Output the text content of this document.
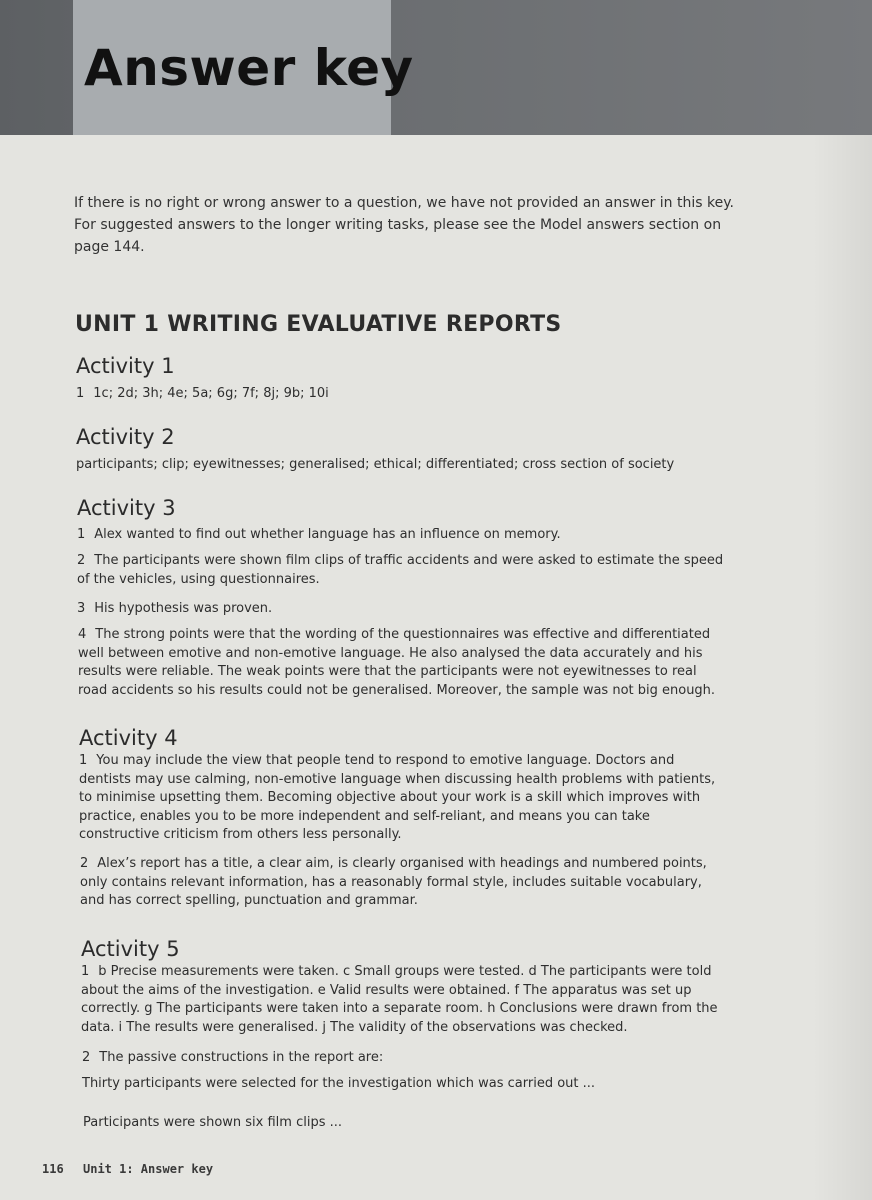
Answer key

If there is no right or wrong answer to a question, we have not provided an answer in this key. For suggested answers to the longer writing tasks, please see the Model answers section on page 144.

UNIT 1 WRITING EVALUATIVE REPORTS
Activity 1

1 1c; 2d; 3h; 4e; 5a; 6g; 7f; 8j; 9b; 10i

Activity 2

participants; clip; eyewitnesses; generalised; ethical; differentiated; cross section of society

Activity 3

1 Alex wanted to find out whether language has an influence on memory.

2 The participants were shown film clips of traffic accidents and were asked to estimate the speed of the vehicles, using questionnaires.

3 His hypothesis was proven.

4 The strong points were that the wording of the questionnaires was effective and differentiated well between emotive and non-emotive language. He also analysed the data accurately and his results were reliable. The weak points were that the participants were not eyewitnesses to real road accidents so his results could not be generalised. Moreover, the sample was not big enough.

Activity 4

1 You may include the view that people tend to respond to emotive language. Doctors and dentists may use calming, non-emotive language when discussing health problems with patients, to minimise upsetting them. Becoming objective about your work is a skill which improves with practice, enables you to be more independent and self-reliant, and means you can take constructive criticism from others less personally.

2 Alex’s report has a title, a clear aim, is clearly organised with headings and numbered points, only contains relevant information, has a reasonably formal style, includes suitable vocabulary, and has correct spelling, punctuation and grammar.

Activity 5

1 b Precise measurements were taken. c Small groups were tested. d The participants were told about the aims of the investigation. e Valid results were obtained. f The apparatus was set up correctly. g The participants were taken into a separate room. h Conclusions were drawn from the data. i The results were generalised. j The validity of the observations was checked.

2 The passive constructions in the report are:

Thirty participants were selected for the investigation which was carried out ...

Participants were shown six film clips ...

116 Unit 1: Answer key
